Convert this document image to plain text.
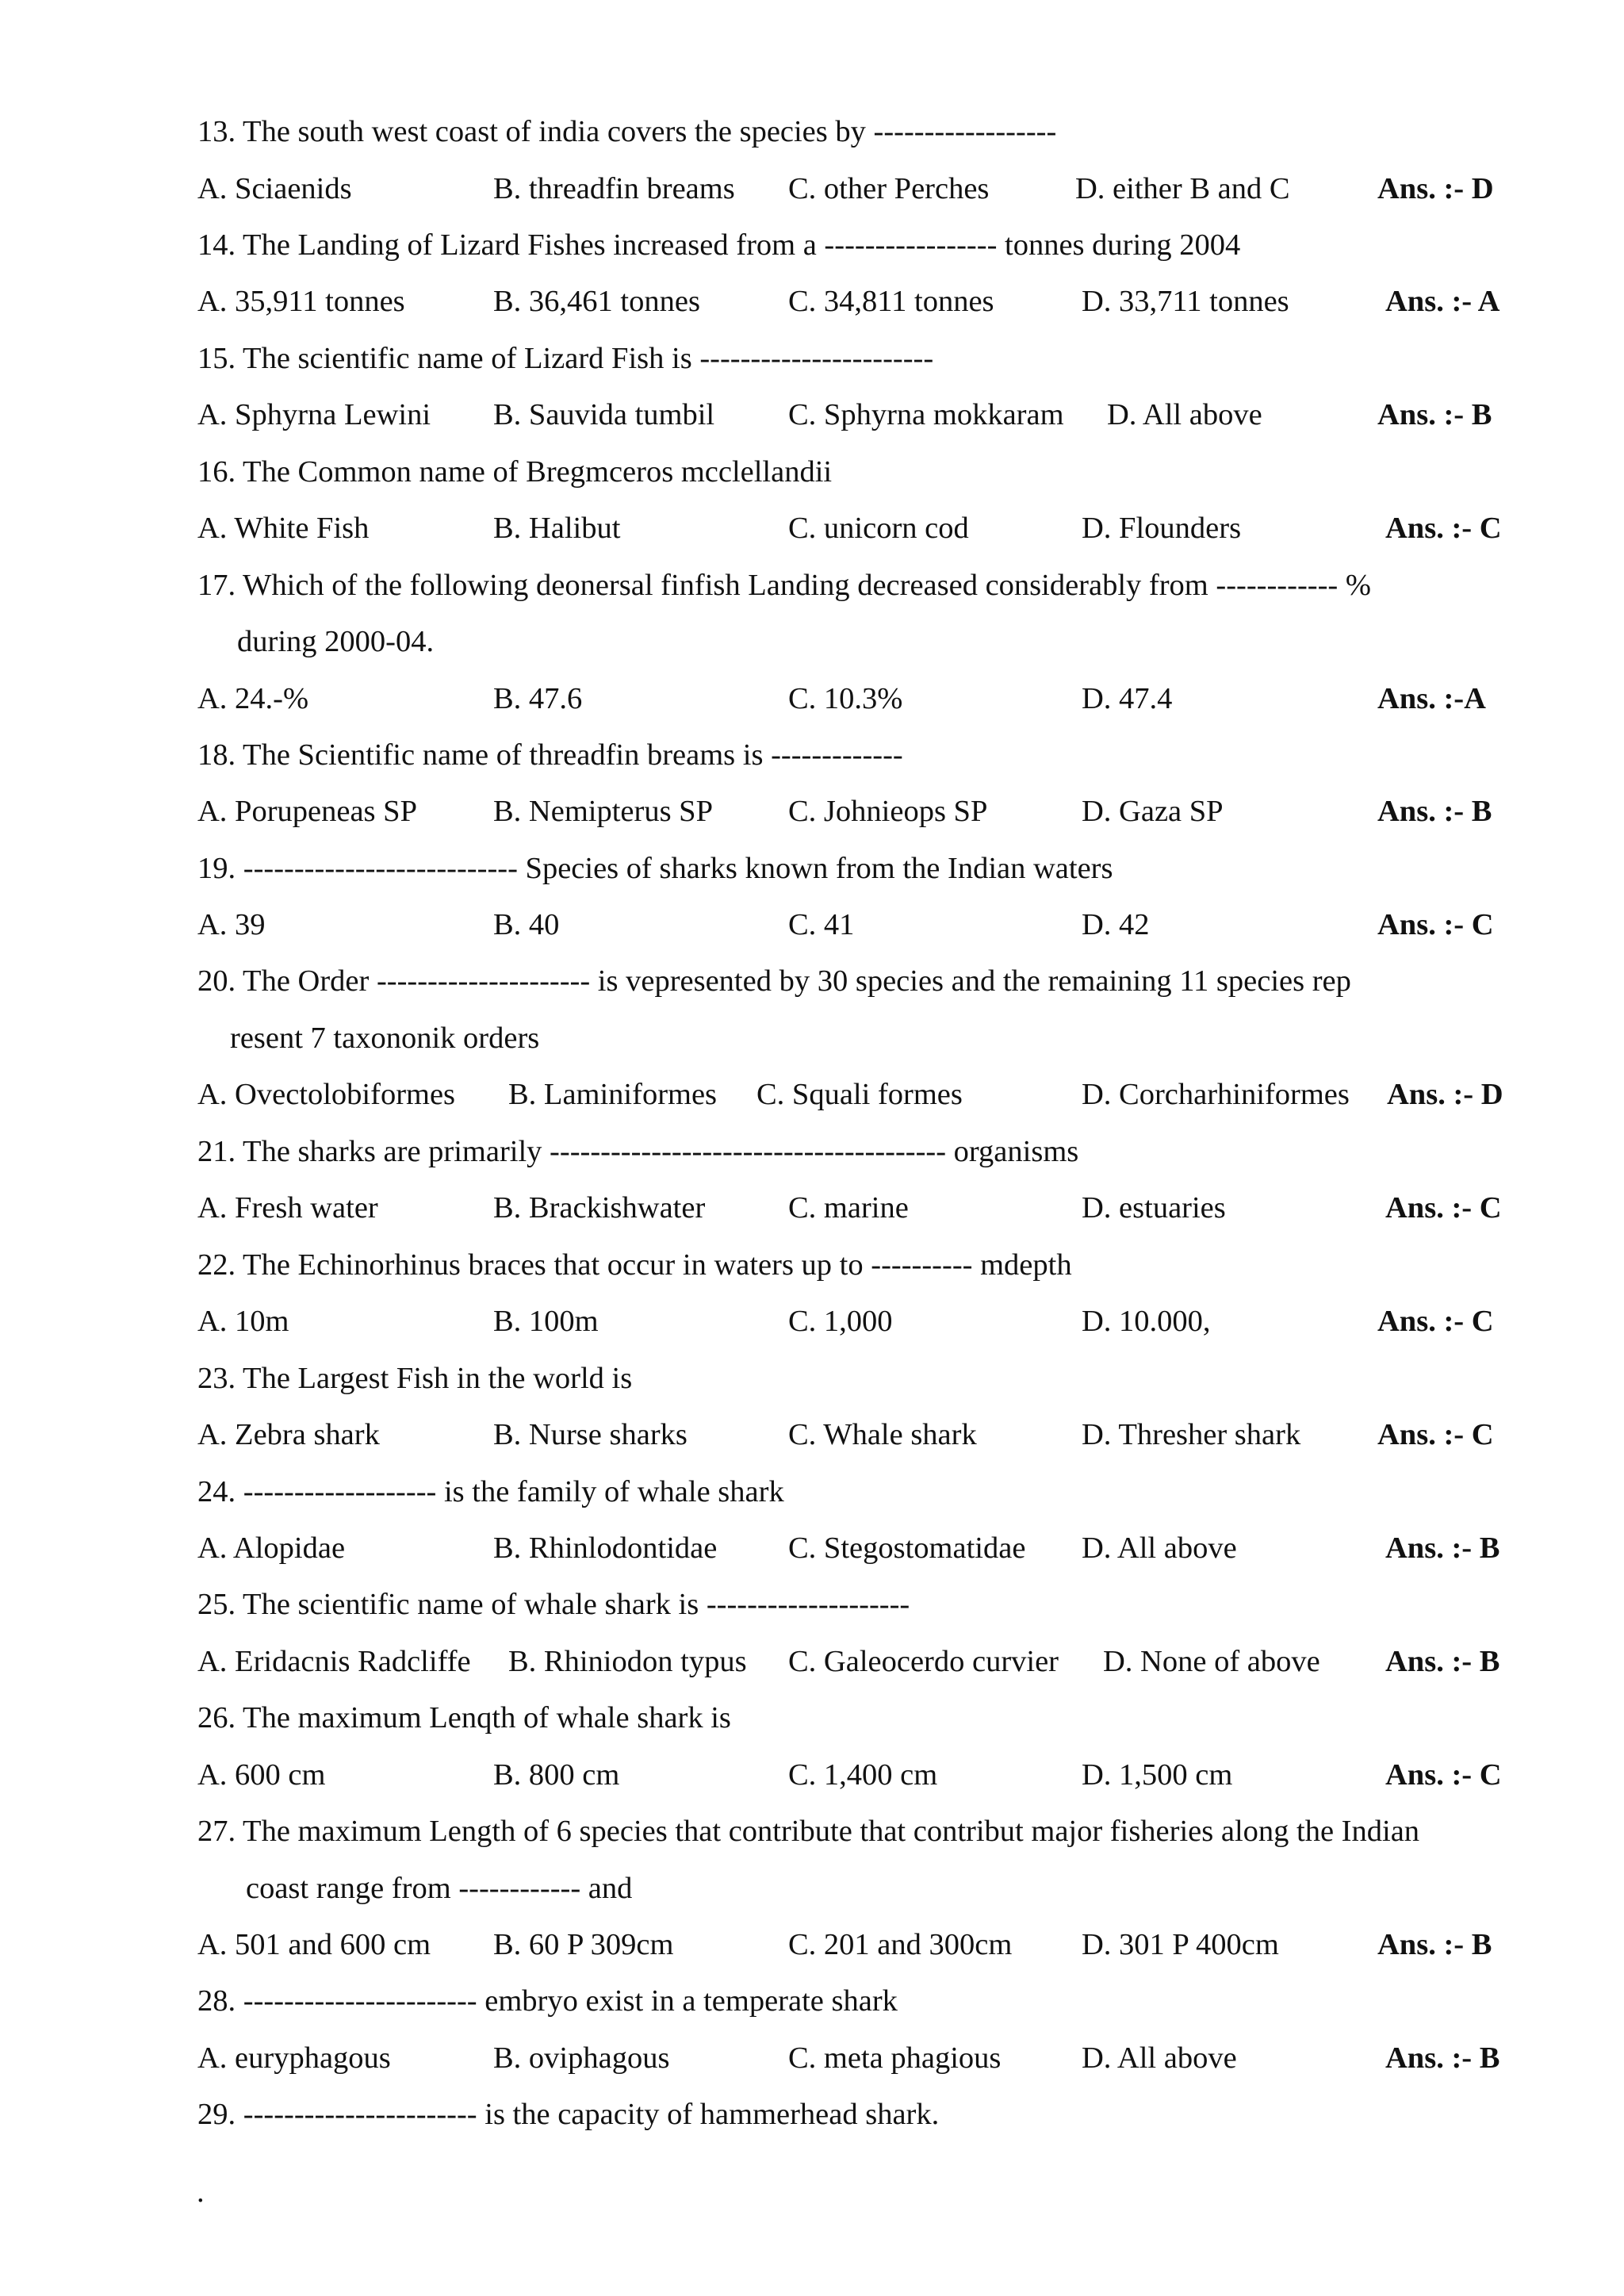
13. The south west coast of india covers the species by ------------------
A. Sciaenids	B. threadfin breams C. other Perches	D. either B and C	Ans. :- D
14. The Landing of Lizard Fishes increased from a ----------------- tonnes during 2004
A. 35,911 tonnes	B. 36,461 tonnes	C. 34,811 tonnes	D. 33,711 tonnes	Ans. :- A
15. The scientific name of Lizard Fish is -----------------------
A. Sphyrna Lewini B. Sauvida tumbil C. Sphyrna mokkaram D. All above	Ans. :- B
16. The Common name of Bregmceros mcclellandii
A. White Fish	B. Halibut	C. unicorn cod	D. Flounders	Ans. :- C
17. Which of the following deonersal finfish Landing decreased considerably from ------------ %
during 2000-04.
A. 24.-%	B. 47.6	C. 10.3%	D. 47.4	Ans. :-A
18. The Scientific name of threadfin breams is -------------
A. Porupeneas SP B. Nemipterus SP C. Johnieops SP	D. Gaza SP	Ans. :- B
19. --------------------------- Species of sharks known from the Indian waters
A. 39	B. 40	C. 41	D. 42	Ans. :- C
20. The Order --------------------- is vepresented by 30 species and the remaining 11 species rep
resent 7 taxononik orders
A. Ovectolobiformes B. Laminiformes C. Squali formes	D. Corcharhiniformes Ans. :- D
21. The sharks are primarily --------------------------------------- organisms
A. Fresh water	B. Brackishwater	C. marine	D. estuaries	Ans. :- C
22. The Echinorhinus braces that occur in waters up to ---------- mdepth
A. 10m	B. 100m	C. 1,000	D. 10.000,	Ans. :- C
23. The Largest Fish in the world is
A. Zebra shark	B. Nurse sharks	C. Whale shark	D. Thresher shark	Ans. :- C
24. ------------------- is the family of whale shark
A. Alopidae	B. Rhinlodontidae C. Stegostomatidae D. All above	Ans. :- B
25. The scientific name of whale shark is --------------------
A. Eridacnis Radcliffe B. Rhiniodon typus C. Galeocerdo curvier D. None of above Ans. :- B
26. The maximum Lenqth of whale shark is
A. 600 cm	B. 800 cm	C. 1,400 cm	D. 1,500 cm	Ans. :- C
27. The maximum Length of 6 species that contribute that contribut major fisheries along the Indian
coast range from ------------ and
A. 501 and 600 cm B. 60 P 309cm	C. 201 and 300cm D. 301 P 400cm	Ans. :- B
28. ----------------------- embryo exist in a temperate shark
A. euryphagous	B. oviphagous	C. meta phagious	D. All above	Ans. :- B
29. ----------------------- is the capacity of hammerhead shark.
.
